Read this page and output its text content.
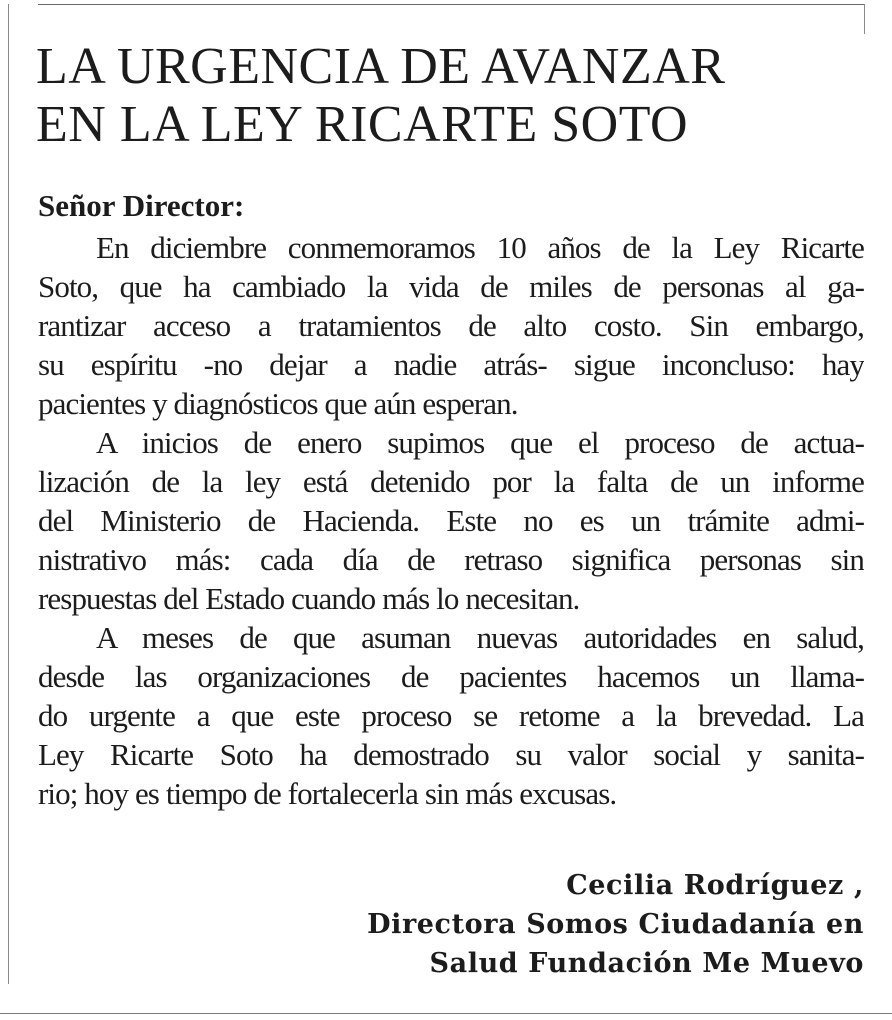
LA URGENCIA DE AVANZAR
EN LA LEY RICARTE SOTO
Señor Director:

En diciembre conmemoramos 10 años de la Ley Ricarte
Soto, que ha cambiado la vida de miles de personas al ga-
rantizar acceso a tratamientos de alto costo. Sin embargo,
su espíritu -no dejar a nadie atrás- sigue inconcluso: hay
pacientes y diagnósticos que aún esperan.

A inicios de enero supimos que el proceso de actua-
lización de la ley está detenido por la falta de un informe
del Ministerio de Hacienda. Este no es un trámite admi-
nistrativo más: cada día de retraso significa personas sin
respuestas del Estado cuando más lo necesitan.

A meses de que asuman nuevas autoridades en salud,
desde las organizaciones de pacientes hacemos un llama-
do urgente a que este proceso se retome a la brevedad. La
Ley Ricarte Soto ha demostrado su valor social y sanita-
rio; hoy es tiempo de fortalecerla sin más excusas.

Cecilia Rodríguez ,
Directora Somos Ciudadanía en
Salud Fundación Me Muevo
